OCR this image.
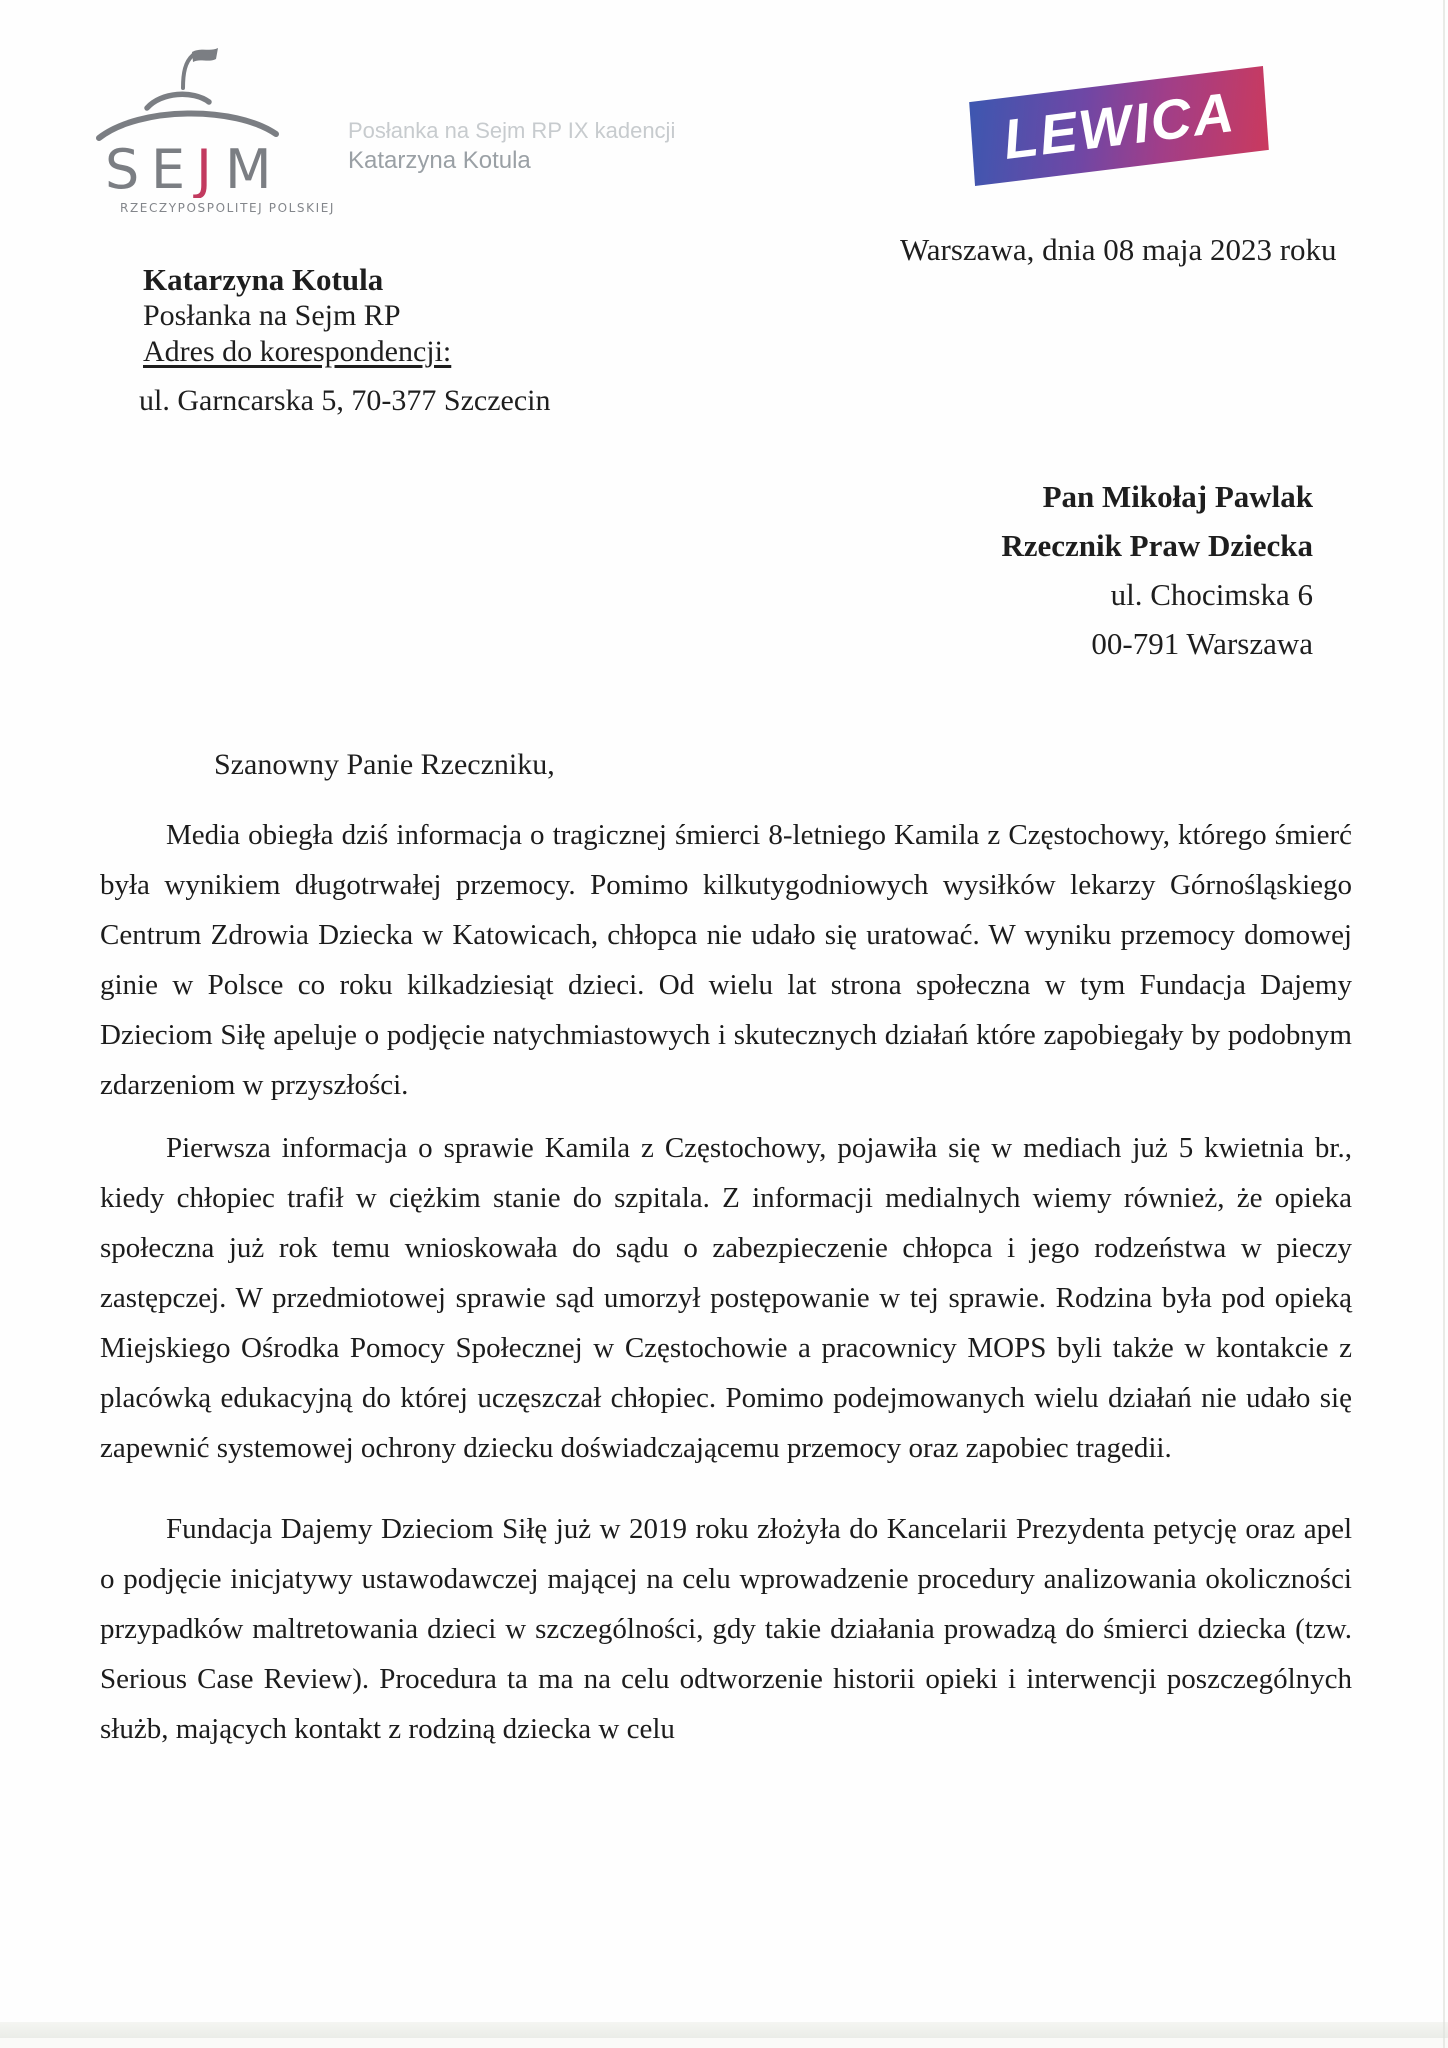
S E J M
RZECZYPOSPOLITEJ POLSKIEJ
Posłanka na Sejm RP IX kadencji
Katarzyna Kotula	LEWICA
Warszawa, dnia 08 maja 2023 roku
Katarzyna Kotula
Posłanka na Sejm RP
Adres do korespondencji:
ul. Garncarska 5, 70-377 Szczecin
Pan Mikołaj Pawlak
Rzecznik Praw Dziecka
ul. Chocimska 6
00-791 Warszawa
Szanowny Panie Rzeczniku,

Media obiegła dziś informacja o tragicznej śmierci 8-letniego Kamila z Częstochowy, którego śmierć była wynikiem długotrwałej przemocy. Pomimo kilkutygodniowych wysiłków lekarzy Górnośląskiego Centrum Zdrowia Dziecka w Katowicach, chłopca nie udało się uratować. W wyniku przemocy domowej ginie w Polsce co roku kilkadziesiąt dzieci. Od wielu lat strona społeczna w tym Fundacja Dajemy Dzieciom Siłę apeluje o podjęcie natychmiastowych i skutecznych działań które zapobiegały by podobnym zdarzeniom w przyszłości.

Pierwsza informacja o sprawie Kamila z Częstochowy, pojawiła się w mediach już 5 kwietnia br., kiedy chłopiec trafił w ciężkim stanie do szpitala. Z informacji medialnych wiemy również, że opieka społeczna już rok temu wnioskowała do sądu o zabezpieczenie chłopca i jego rodzeństwa w pieczy zastępczej. W przedmiotowej sprawie sąd umorzył postępowanie w tej sprawie. Rodzina była pod opieką Miejskiego Ośrodka Pomocy Społecznej w Częstochowie a pracownicy MOPS byli także w kontakcie z placówką edukacyjną do której uczęszczał chłopiec. Pomimo podejmowanych wielu działań nie udało się zapewnić systemowej ochrony dziecku doświadczającemu przemocy oraz zapobiec tragedii.

Fundacja Dajemy Dzieciom Siłę już w 2019 roku złożyła do Kancelarii Prezydenta petycję oraz apel o podjęcie inicjatywy ustawodawczej mającej na celu wprowadzenie procedury analizowania okoliczności przypadków maltretowania dzieci w szczególności, gdy takie działania prowadzą do śmierci dziecka (tzw. Serious Case Review). Procedura ta ma na celu odtworzenie historii opieki i interwencji poszczególnych służb, mających kontakt z rodziną dziecka w celu
